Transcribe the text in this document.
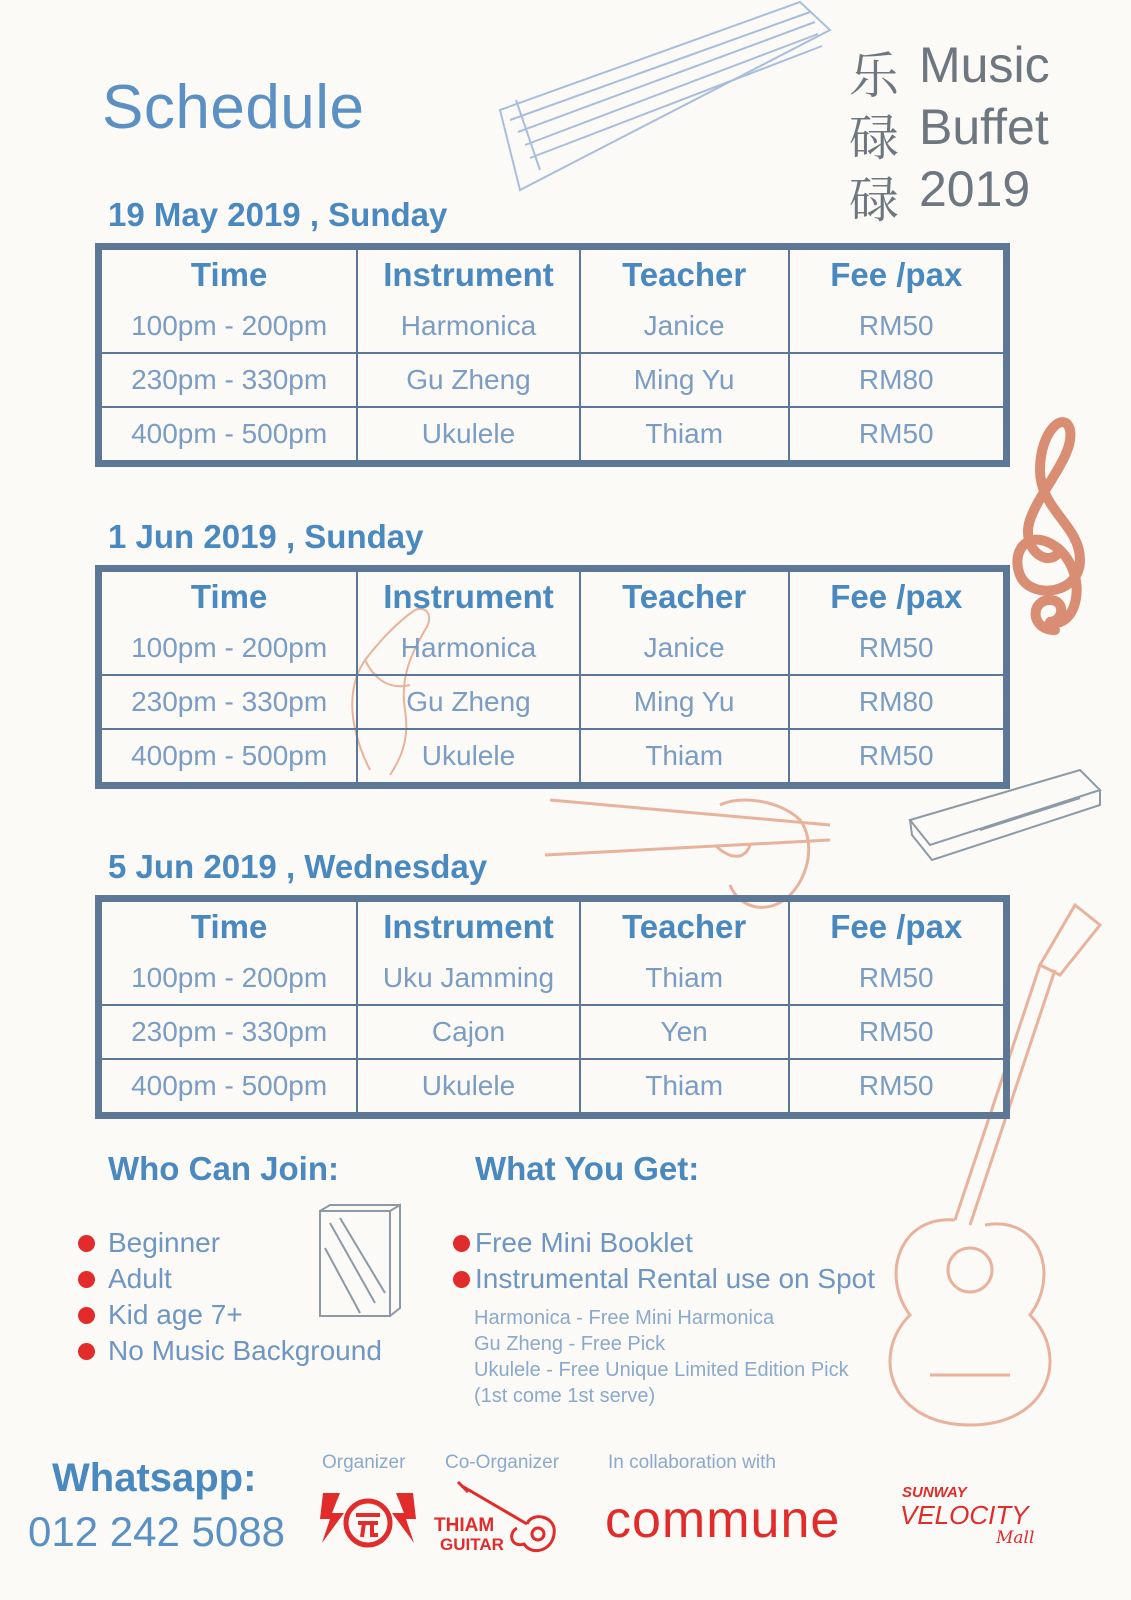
Schedule	乐
碌
碌
Music
Buffet
2019
19 May 2019 , Sunday
Time	Instrument	Teacher	Fee /pax
100pm - 200pm	Harmonica	Janice	RM50
230pm - 330pm	Gu Zheng	Ming Yu	RM80
400pm - 500pm	Ukulele	Thiam	RM50
1 Jun 2019 , Sunday
Time	Instrument	Teacher	Fee /pax
100pm - 200pm	Harmonica	Janice	RM50
230pm - 330pm	Gu Zheng	Ming Yu	RM80
400pm - 500pm	Ukulele	Thiam	RM50
5 Jun 2019 , Wednesday
Time	Instrument	Teacher	Fee /pax
100pm - 200pm	Uku Jamming	Thiam	RM50
230pm - 330pm	Cajon	Yen	RM50
400pm - 500pm	Ukulele	Thiam	RM50
Who Can Join:
Beginner
Adult
Kid age 7+
No Music Background
What You Get:
Free Mini Booklet
Instrumental Rental use on Spot
Harmonica - Free Mini Harmonica
Gu Zheng - Free Pick
Ukulele - Free Unique Limited Edition Pick
(1st come 1st serve)
Whatsapp:
012 242 5088
Organizer Co-Organizer	In collaboration with
THIAM
GUITAR commune	SUNWAY
VELOCITY
Mall
